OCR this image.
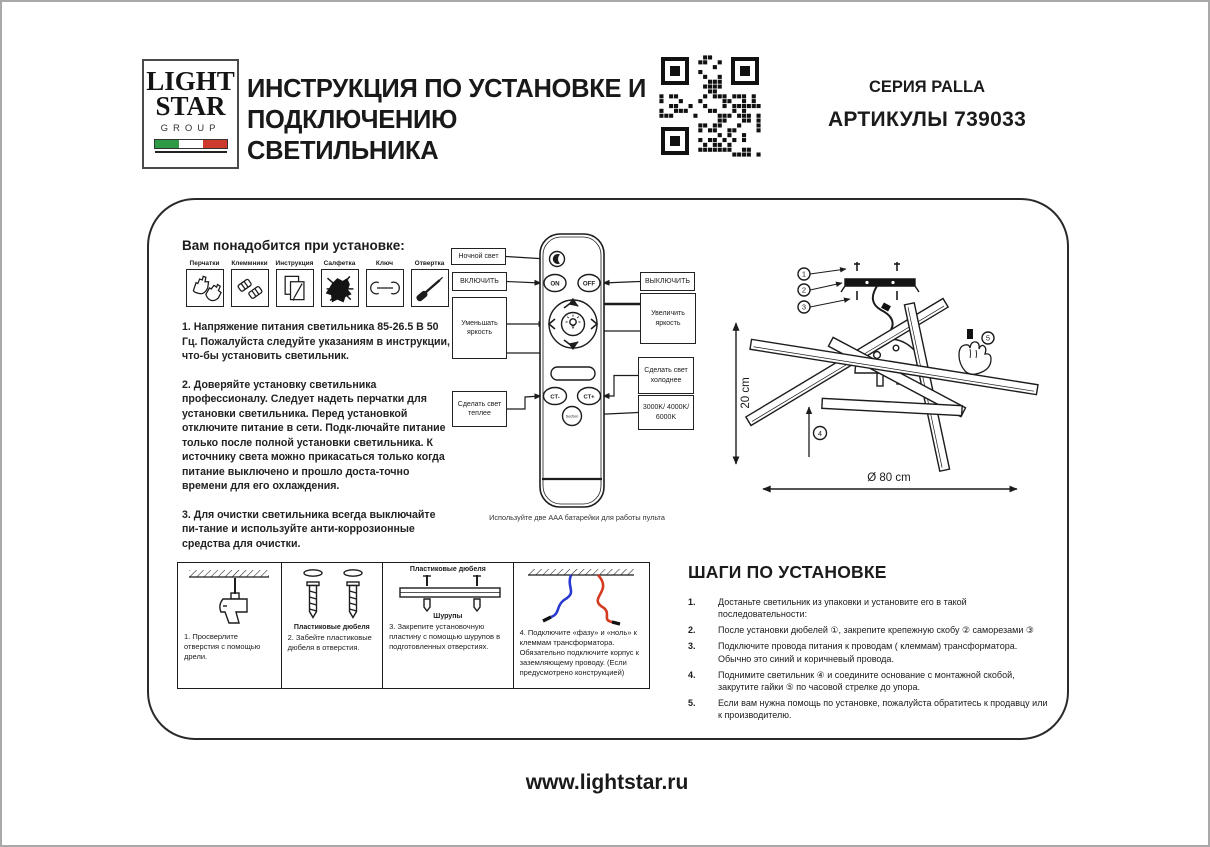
LIGHT
STAR
GROUP
ИНСТРУКЦИЯ ПО УСТАНОВКЕ И
ПОДКЛЮЧЕНИЮ СВЕТИЛЬНИКА
СЕРИЯ PALLA
АРТИКУЛЫ 739033
Вам понадобится при установке:
Перчатки	Клеммники	Инструкция	Салфетка	Ключ	Отвертка

1. Напряжение питания светильника 85-26.5 В 50 Гц. Пожалуйста следуйте указаниям в инструкции, что-бы установить светильник.

2. Доверяйте установку светильника профессионалу. Следует надеть перчатки для установки светильника. Перед установкой отключите питание в сети. Подк-лючайте питание только после полной установки светильника. К источнику света можно прикасаться только когда питание выключено и прошло доста-точно времени для его охлаждения.

3. Для очистки светильника всегда выключайте пи-тание и используйте анти-коррозионные средства для очистки.

ON	OFF
CT-	CT+
Section
Ночной свет
ВКЛЮЧИТЬ
Уменьшать яркость
Сделать свет теплее
ВЫКЛЮЧИТЬ
Увеличить яркость
Сделать свет холоднее
3000K/ 4000K/ 6000K
Используйте две AAA батарейки для работы пульта
1
2
3
5
4
20 cm
Ø 80 cm
1. Просверлите отверстия с помощью дрели.
Пластиковые дюбеля
2. Забейте пластиковые дюбеля в отверстия.
Пластиковые дюбеля
Шурупы
3. Закрепите установочную пластину с помощью шурупов в подготовленных отверстиях.
4. Подключите «фазу» и «ноль» к клеммам трансформатора. Обязательно подключите корпус к заземляющему проводу. (Если предусмотрено конструкцией)
ШАГИ ПО УСТАНОВКЕ
1.	Достаньте светильник из упаковки и установите его в такой последовательности:
2.	После установки дюбелей ①, закрепите крепежную скобу ② саморезами ③
3.	Подключите провода питания к проводам ( клеммам) трансформатора. Обычно это синий и коричневый провода.
4.	Поднимите светильник ④ и соедините основание с монтажной скобой, закрутите гайки ⑤ по часовой стрелке до упора.
5.	Если вам нужна помощь по установке, пожалуйста обратитесь к продавцу или к производителю.
www.lightstar.ru
